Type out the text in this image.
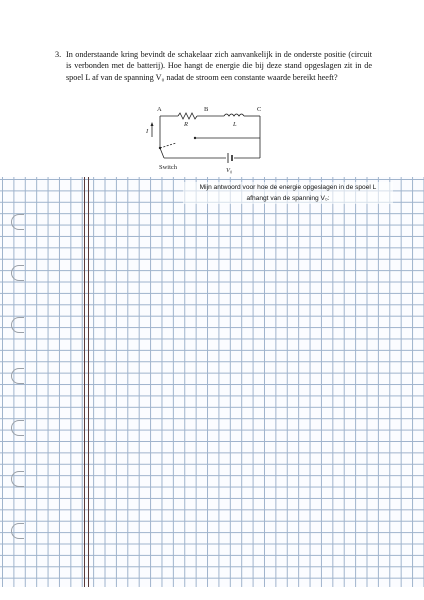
3. In onderstaande kring bevindt de schakelaar zich aanvankelijk in de onderste positie (circuit is verbonden met de batterij). Hoe hangt de energie die bij deze stand opgeslagen zit in de spoel L af van de spanning V₀ nadat de stroom een constante waarde bereikt heeft?
A	B	C
R	L
I
Switch	V₀
Mijn antwoord voor hoe de energie opgeslagen in de spoel L
afhangt van de spanning V₀:
